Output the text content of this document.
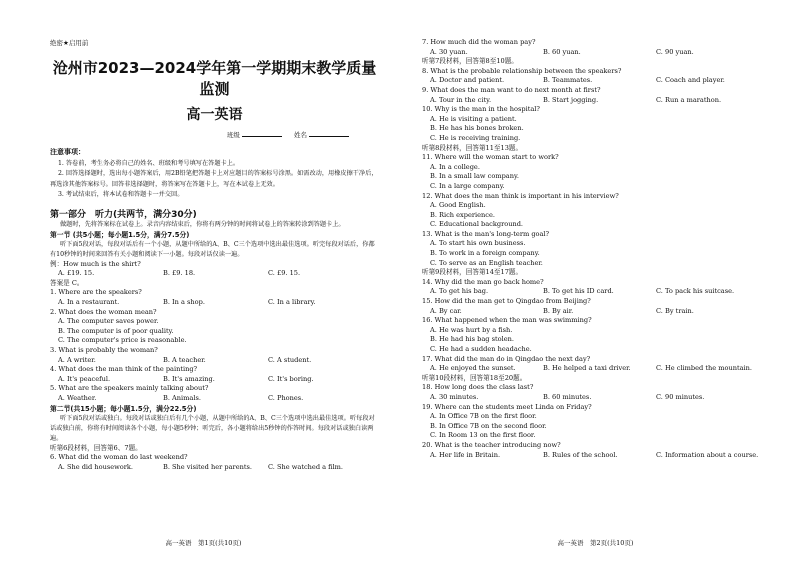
绝密★启用前
沧州市2023—2024学年第一学期期末教学质量监测
高一英语
班级	姓名
注意事项：
1. 答卷前，考生务必将自己的姓名、班级和考号填写在答题卡上。
2. 回答选择题时，选出每小题答案后，用2B铅笔把答题卡上对应题目的答案标号涂黑。如需改动，用橡皮擦干净后，再选涂其他答案标号。回答非选择题时，将答案写在答题卡上，写在本试卷上无效。
3. 考试结束后，将本试卷和答题卡一并交回。
第一部分　听力(共两节，满分30分)
做题时，先将答案标在试卷上。录音内容结束后，你将有两分钟的时间将试卷上的答案转涂到答题卡上。
第一节 (共5小题；每小题1.5分，满分7.5分)
听下面5段对话，每段对话后有一个小题，从题中所给的A、B、C三个选项中选出最佳选项。听完每段对话后，你都有10秒钟的时间来回答有关小题和阅读下一小题。每段对话仅读一遍。
例：How much is the shirt?
A. £19. 15.	B. £9. 18.	C. £9. 15.
答案是 C。
1. Where are the speakers?
A. In a restaurant.	B. In a shop.	C. In a library.
2. What does the woman mean?
A. The computer saves power.
B. The computer is of poor quality.
C. The computer's price is reasonable.
3. What is probably the woman?
A. A writer.	B. A teacher.	C. A student.
4. What does the man think of the painting?
A. It's peaceful.	B. It's amazing.	C. It's boring.
5. What are the speakers mainly talking about?
A. Weather.	B. Animals.	C. Phones.
第二节(共15小题；每小题1.5分，满分22.5分)
听下面5段对话或独白。每段对话或独白后有几个小题，从题中所给的A、B、C三个选项中选出最佳选项。听每段对话或独白前，你将有时间阅读各个小题，每小题5秒钟；听完后，各小题将给出5秒钟的作答时间。每段对话或独白读两遍。
听第6段材料，回答第6、7题。
6. What did the woman do last weekend?
A. She did housework.	B. She visited her parents.	C. She watched a film.
高一英语　第1页(共10页)
7. How much did the woman pay?
A. 30 yuan.	B. 60 yuan.	C. 90 yuan.
听第7段材料，回答第8至10题。
8. What is the probable relationship between the speakers?
A. Doctor and patient.	B. Teammates.	C. Coach and player.
9. What does the man want to do next month at first?
A. Tour in the city.	B. Start jogging.	C. Run a marathon.
10. Why is the man in the hospital?
A. He is visiting a patient.
B. He has his bones broken.
C. He is receiving training.
听第8段材料，回答第11至13题。
11. Where will the woman start to work?
A. In a college.
B. In a small law company.
C. In a large company.
12. What does the man think is important in his interview?
A. Good English.
B. Rich experience.
C. Educational background.
13. What is the man's long-term goal?
A. To start his own business.
B. To work in a foreign company.
C. To serve as an English teacher.
听第9段材料，回答第14至17题。
14. Why did the man go back home?
A. To get his bag.	B. To get his ID card.	C. To pack his suitcase.
15. How did the man get to Qingdao from Beijing?
A. By car.	B. By air.	C. By train.
16. What happened when the man was swimming?
A. He was hurt by a fish.
B. He had his bag stolen.
C. He had a sudden headache.
17. What did the man do in Qingdao the next day?
A. He enjoyed the sunset.	B. He helped a taxi driver.	C. He climbed the mountain.
听第10段材料，回答第18至20题。
18. How long does the class last?
A. 30 minutes.	B. 60 minutes.	C. 90 minutes.
19. Where can the students meet Linda on Friday?
A. In Office 7B on the first floor.
B. In Office 7B on the second floor.
C. In Room 13 on the first floor.
20. What is the teacher introducing now?
A. Her life in Britain.	B. Rules of the school.	C. Information about a course.
高一英语　第2页(共10页)
